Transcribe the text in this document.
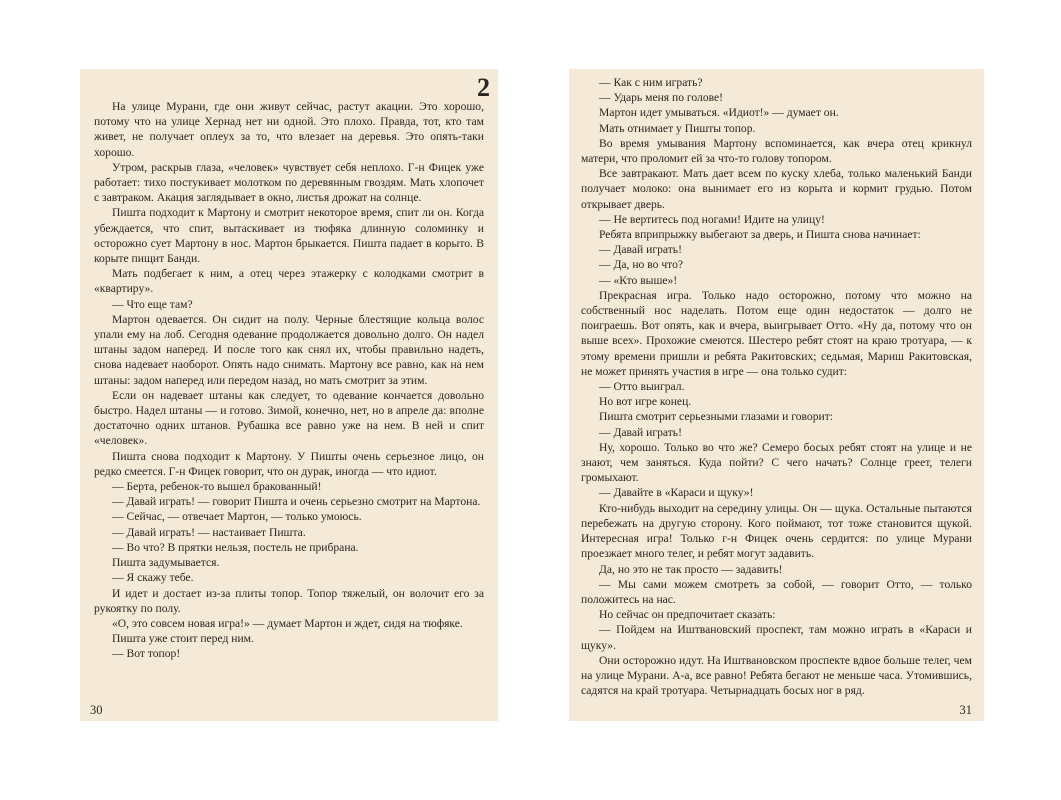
2

На улице Мурани, где они живут сейчас, растут акации. Это хорошо, потому что на улице Хернад нет ни одной. Это плохо. Правда, тот, кто там живет, не получает оплеух за то, что влезает на деревья. Это опять-таки хорошо.

Утром, раскрыв глаза, «человек» чувствует себя неплохо. Г-н Фицек уже работает: тихо постукивает молотком по деревянным гвоздям. Мать хлопочет с завтраком. Акация заглядывает в окно, листья дрожат на солнце.

Пишта подходит к Мартону и смотрит некоторое время, спит ли он. Когда убеждается, что спит, вытаскивает из тюфяка длинную соломинку и осторожно сует Мартону в нос. Мартон брыкается. Пишта падает в корыто. В корыте пищит Банди.

Мать подбегает к ним, а отец через этажерку с колодками смотрит в «квартиру».

— Что еще там?

Мартон одевается. Он сидит на полу. Черные блестящие кольца волос упали ему на лоб. Сегодня одевание продолжается довольно долго. Он надел штаны задом наперед. И после того как снял их, чтобы правильно надеть, снова надевает наоборот. Опять надо снимать. Мартону все равно, как на нем штаны: задом наперед или передом назад, но мать смотрит за этим.

Если он надевает штаны как следует, то одевание кончается довольно быстро. Надел штаны — и готово. Зимой, конечно, нет, но в апреле да: вполне достаточно одних штанов. Рубашка все равно уже на нем. В ней и спит «человек».

Пишта снова подходит к Мартону. У Пишты очень серьезное лицо, он редко смеется. Г-н Фицек говорит, что он дурак, иногда — что идиот.

— Берта, ребенок-то вышел бракованный!

— Давай играть! — говорит Пишта и очень серьезно смотрит на Мартона.

— Сейчас, — отвечает Мартон, — только умоюсь.

— Давай играть! — настаивает Пишта.

— Во что? В прятки нельзя, постель не прибрана.

Пишта задумывается.

— Я скажу тебе.

И идет и достает из-за плиты топор. Топор тяжелый, он волочит его за рукоятку по полу.

«О, это совсем новая игра!» — думает Мартон и ждет, сидя на тюфяке.

Пишта уже стоит перед ним.

— Вот топор!

30

— Как с ним играть?

— Ударь меня по голове!

Мартон идет умываться. «Идиот!» — думает он.

Мать отнимает у Пишты топор.

Во время умывания Мартону вспоминается, как вчера отец крикнул матери, что проломит ей за что-то голову топором.

Все завтракают. Мать дает всем по куску хлеба, только маленький Банди получает молоко: она вынимает его из корыта и кормит грудью. Потом открывает дверь.

— Не вертитесь под ногами! Идите на улицу!

Ребята вприпрыжку выбегают за дверь, и Пишта снова начинает:

— Давай играть!

— Да, но во что?

— «Кто выше»!

Прекрасная игра. Только надо осторожно, потому что можно на собственный нос наделать. Потом еще один недостаток — долго не поиграешь. Вот опять, как и вчера, выигрывает Отто. «Ну да, потому что он выше всех». Прохожие смеются. Шестеро ребят стоят на краю тротуара, — к этому времени пришли и ребята Ракитовских; седьмая, Мариш Ракитовская, не может принять участия в игре — она только судит:

— Отто выиграл.

Но вот игре конец.

Пишта смотрит серьезными глазами и говорит:

— Давай играть!

Ну, хорошо. Только во что же? Семеро босых ребят стоят на улице и не знают, чем заняться. Куда пойти? С чего начать? Солнце греет, телеги громыхают.

— Давайте в «Караси и щуку»!

Кто-нибудь выходит на середину улицы. Он — щука. Остальные пытаются перебежать на другую сторону. Кого поймают, тот тоже становится щукой. Интересная игра! Только г-н Фицек очень сердится: по улице Мурани проезжает много телег, и ребят могут задавить.

Да, но это не так просто — задавить!

— Мы сами можем смотреть за собой, — говорит Отто, — только положитесь на нас.

Но сейчас он предпочитает сказать:

— Пойдем на Иштвановский проспект, там можно играть в «Караси и щуку».

Они осторожно идут. На Иштвановском проспекте вдвое больше телег, чем на улице Мурани. А-а, все равно! Ребята бегают не меньше часа. Утомившись, садятся на край тротуара. Четырнадцать босых ног в ряд.

31
